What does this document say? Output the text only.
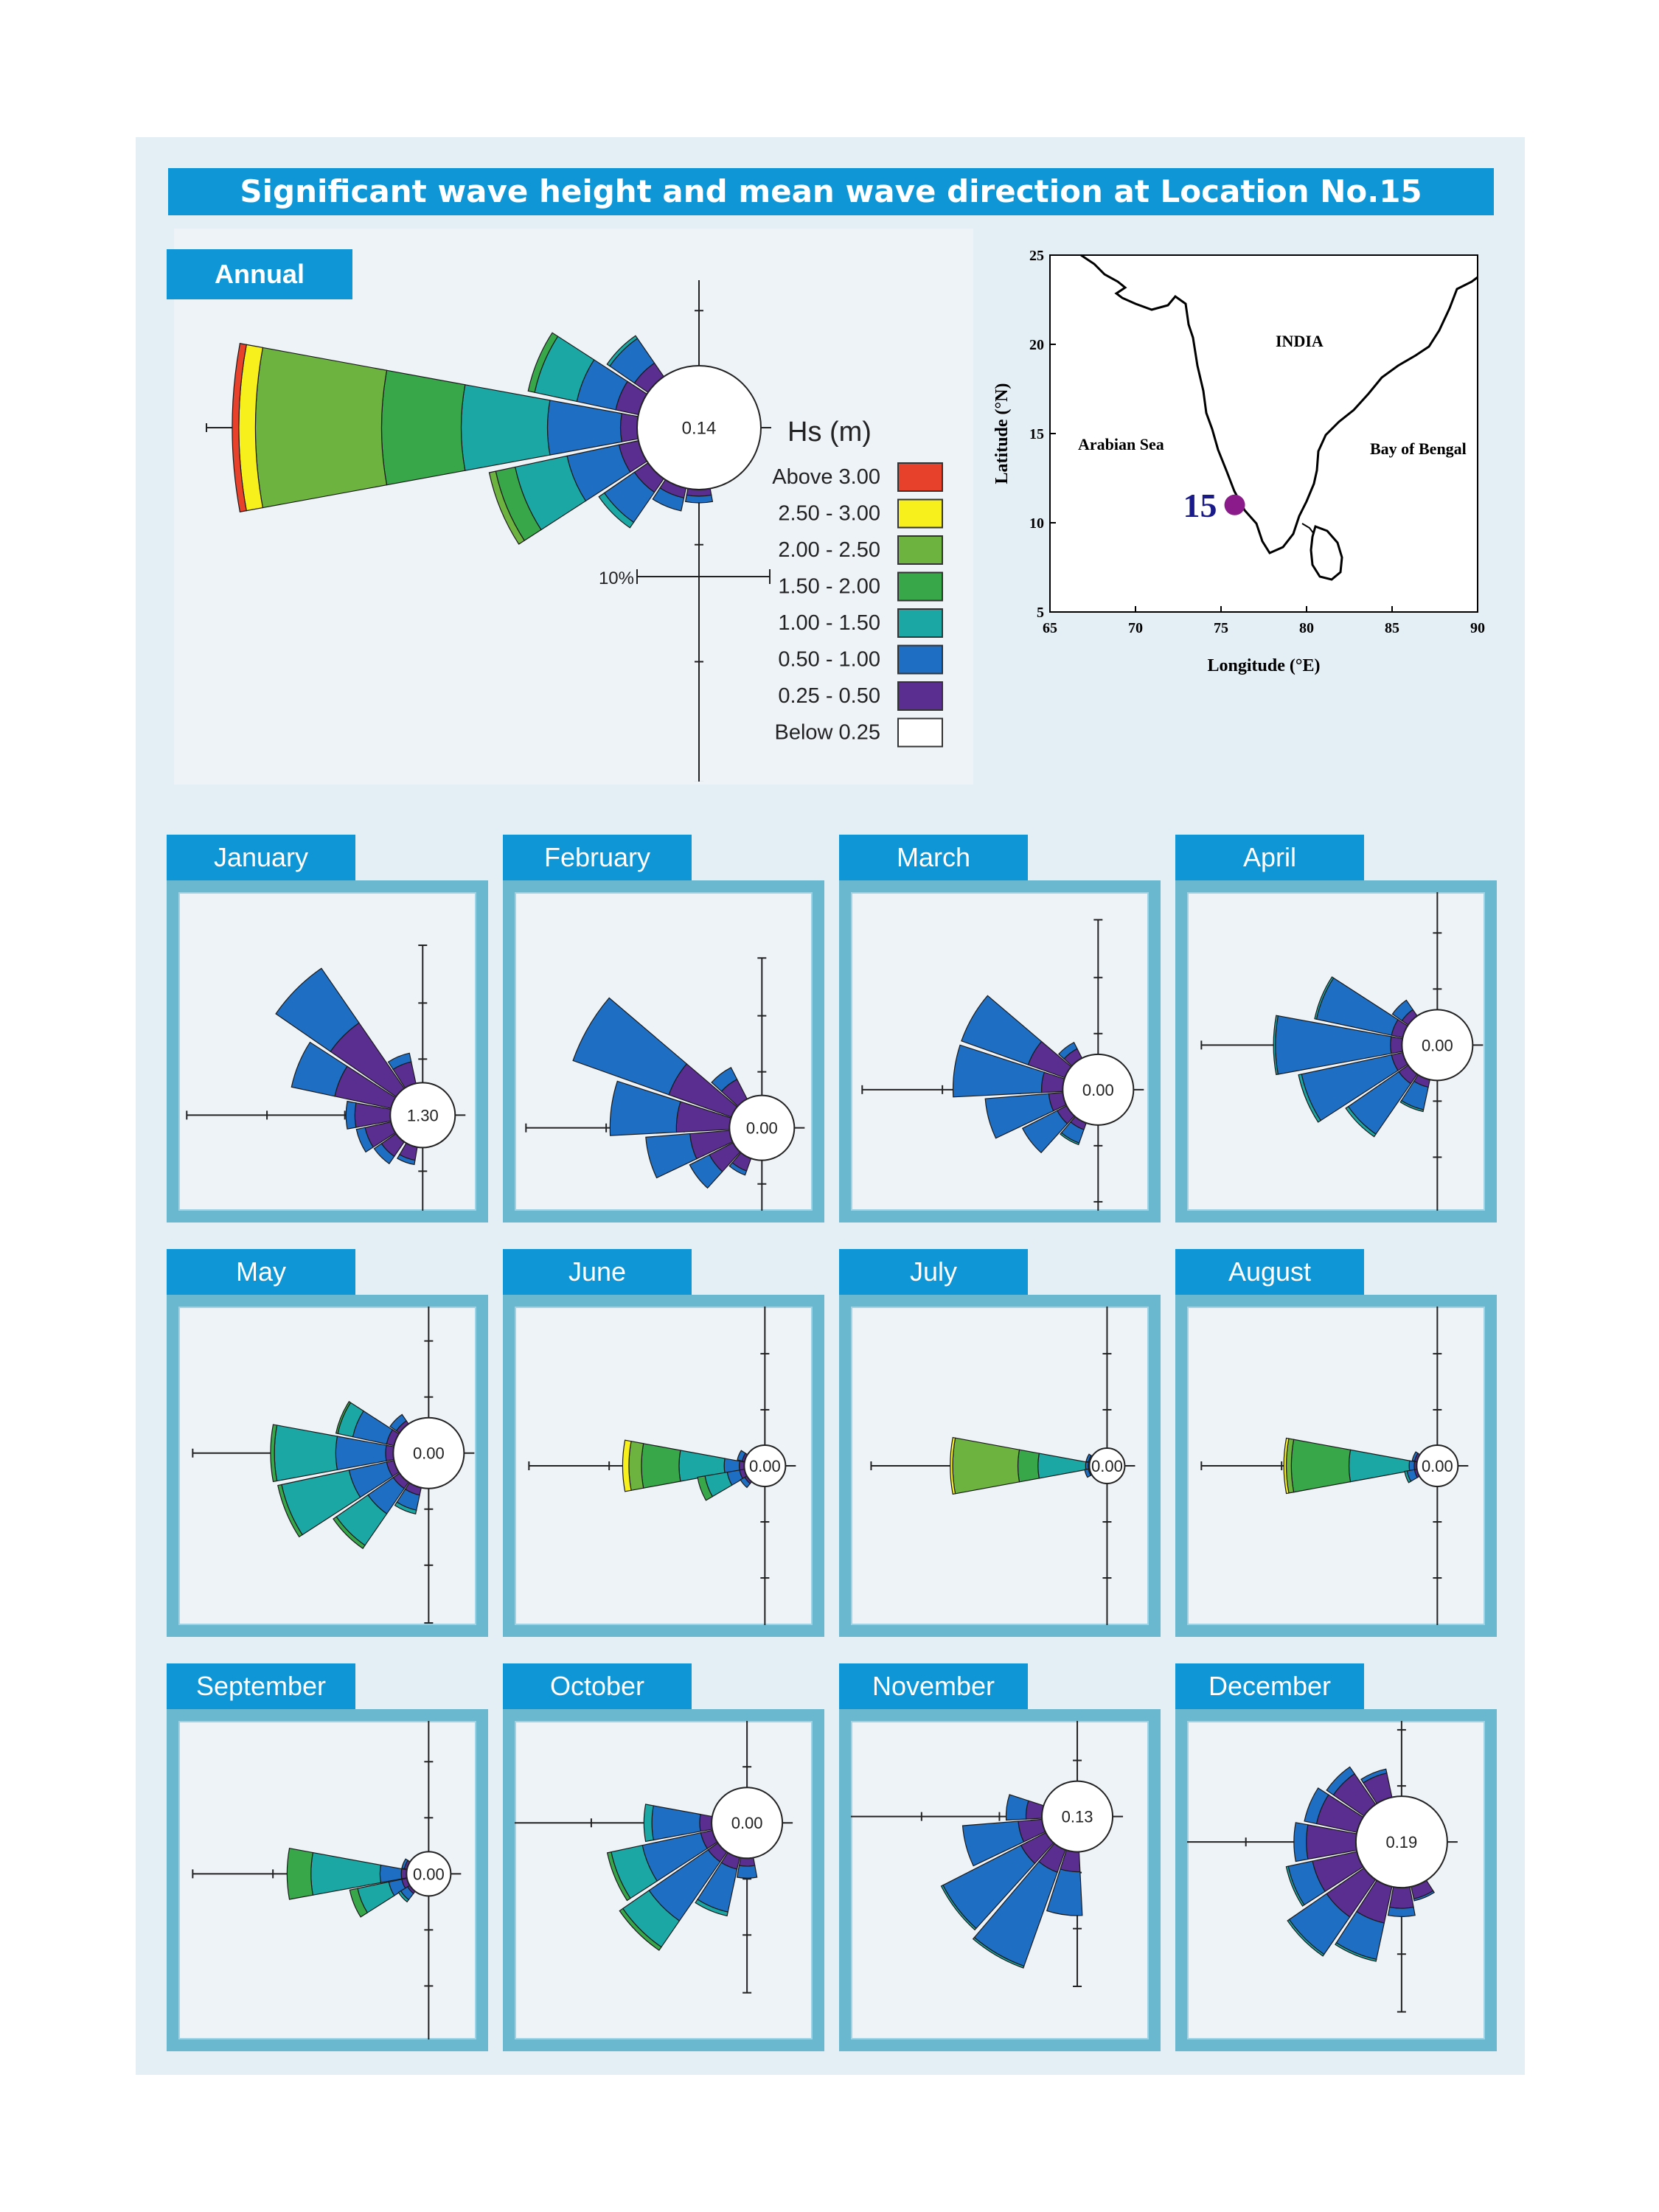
Significant wave height and mean wave direction at Location No.15
Annual
0.14
10%
Hs (m)
Above 3.00
2.50 - 3.00
2.00 - 2.50
1.50 - 2.00
1.00 - 1.50
0.50 - 1.00
0.25 - 0.50
Below 0.25
65	70	75	80	85	90
5
10
15
20
25
INDIA
Arabian Sea	Bay of Bengal
15
Longitude (°E)
Latitude (°N)
January
1.30
February
0.00
March
0.00
April
0.00
May
0.00
June
0.00
July
0.00
August
0.00
September
0.00
October
0.00
November
0.13
December
0.19
